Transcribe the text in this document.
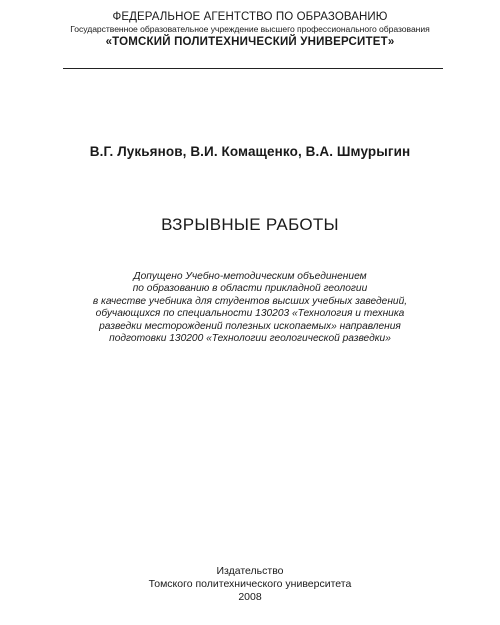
ФЕДЕРАЛЬНОЕ АГЕНТСТВО ПО ОБРАЗОВАНИЮ
Государственное образовательное учреждение высшего профессионального образования
«ТОМСКИЙ ПОЛИТЕХНИЧЕСКИЙ УНИВЕРСИТЕТ»
В.Г. Лукьянов, В.И. Комащенко, В.А. Шмурыгин
ВЗРЫВНЫЕ РАБОТЫ
Допущено Учебно-методическим объединением
по образованию в области прикладной геологии
в качестве учебника для студентов высших учебных заведений,
обучающихся по специальности 130203 «Технология и техника
разведки месторождений полезных ископаемых» направления
подготовки 130200 «Технологии геологической разведки»
Издательство
Томского политехнического университета
2008
